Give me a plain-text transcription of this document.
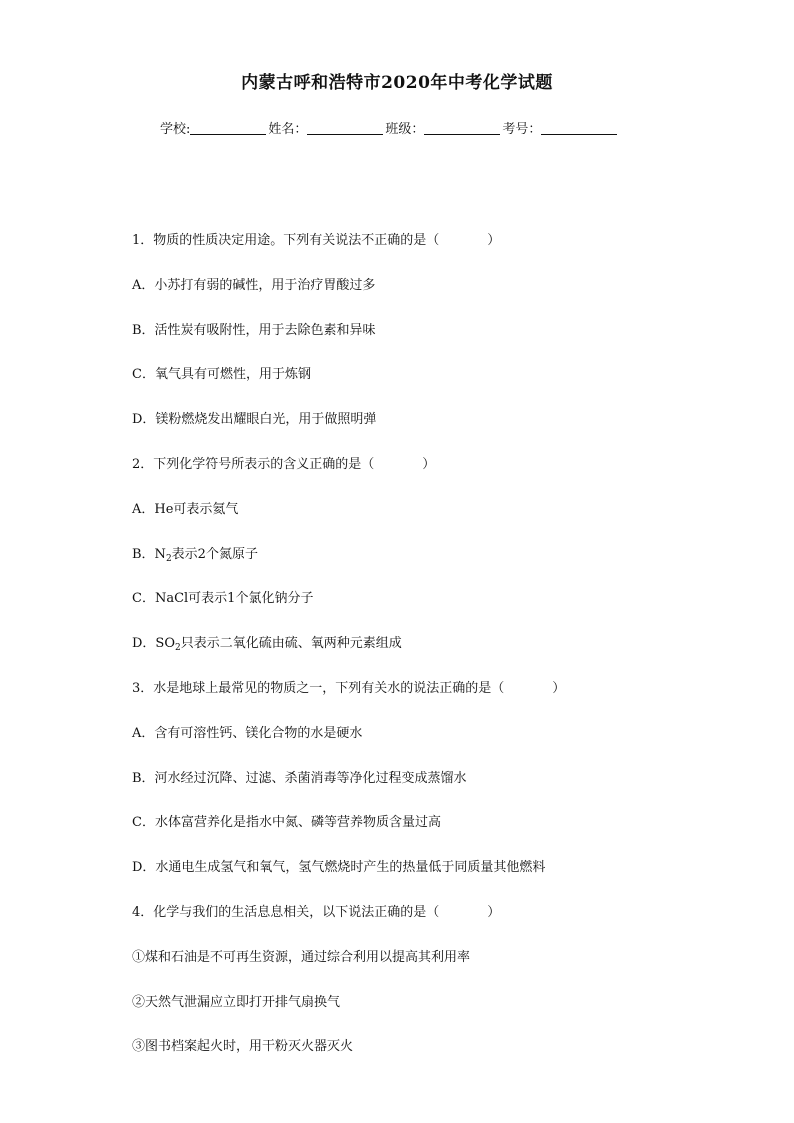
内蒙古呼和浩特市2020年中考化学试题
学校:	姓名：	班级：	考号：
1．物质的性质决定用途。下列有关说法不正确的是（	）
A．小苏打有弱的碱性，用于治疗胃酸过多
B．活性炭有吸附性，用于去除色素和异味
C．氧气具有可燃性，用于炼钢
D．镁粉燃烧发出耀眼白光，用于做照明弹
2．下列化学符号所表示的含义正确的是（	）
A．He可表示氦气
B．$N_2$表示2个氮原子
C．NaCl可表示1个氯化钠分子
D．$SO_2$只表示二氧化硫由硫、氧两种元素组成
3．水是地球上最常见的物质之一，下列有关水的说法正确的是（	）
A．含有可溶性钙、镁化合物的水是硬水
B．河水经过沉降、过滤、杀菌消毒等净化过程变成蒸馏水
C．水体富营养化是指水中氮、磷等营养物质含量过高
D．水通电生成氢气和氧气，氢气燃烧时产生的热量低于同质量其他燃料
4．化学与我们的生活息息相关，以下说法正确的是（	）
①煤和石油是不可再生资源，通过综合利用以提高其利用率
②天然气泄漏应立即打开排气扇换气
③图书档案起火时，用干粉灭火器灭火
